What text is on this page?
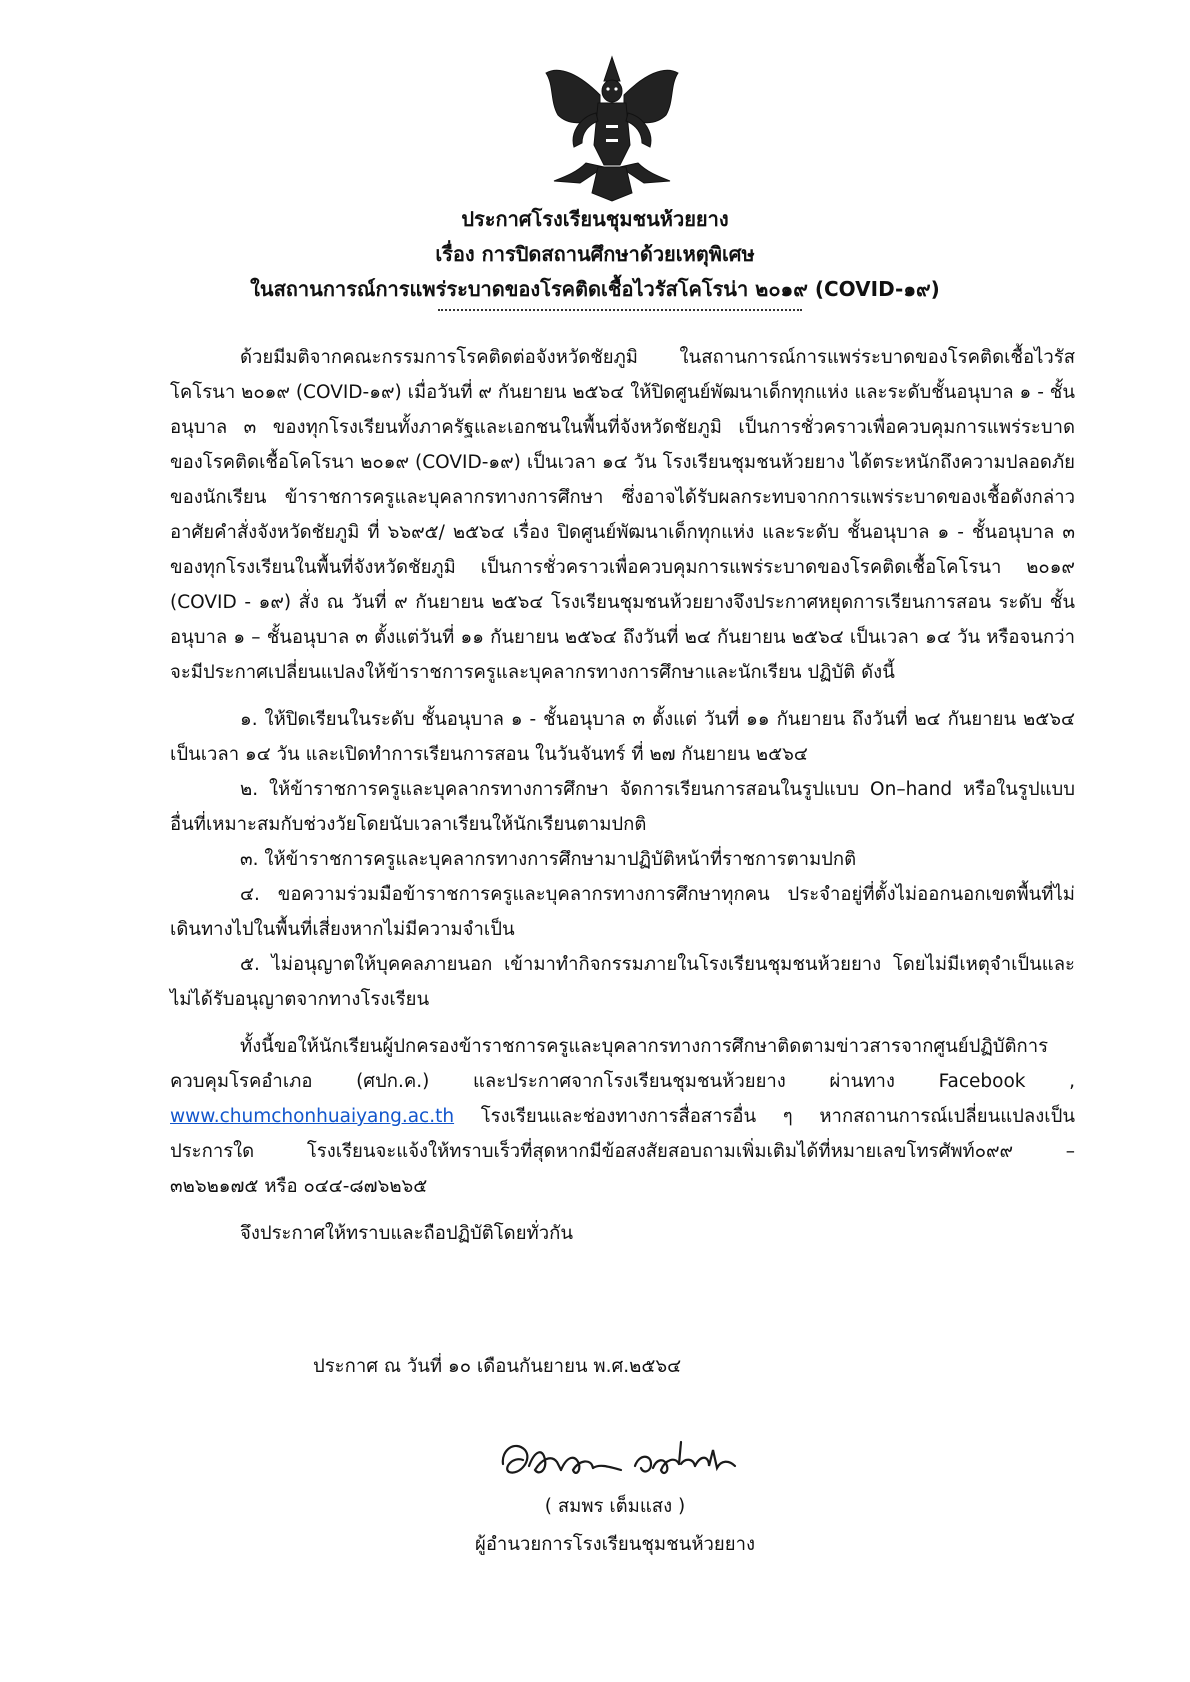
ประกาศโรงเรียนชุมชนห้วยยาง
เรื่อง การปิดสถานศึกษาด้วยเหตุพิเศษ
ในสถานการณ์การแพร่ระบาดของโรคติดเชื้อไวรัสโคโรน่า ๒๐๑๙ (COVID-๑๙)

ด้วยมีมติจากคณะกรรมการโรคติดต่อจังหวัดชัยภูมิ ในสถานการณ์การแพร่ระบาดของโรคติดเชื้อไวรัสโคโรนา ๒๐๑๙ (COVID-๑๙) เมื่อวันที่ ๙ กันยายน ๒๕๖๔ ให้ปิดศูนย์พัฒนาเด็กทุกแห่ง และระดับชั้นอนุบาล ๑ - ชั้นอนุบาล ๓ ของทุกโรงเรียนทั้งภาครัฐและเอกชนในพื้นที่จังหวัดชัยภูมิ เป็นการชั่วคราวเพื่อควบคุมการแพร่ระบาดของโรคติดเชื้อโคโรนา ๒๐๑๙ (COVID-๑๙) เป็นเวลา ๑๔ วัน โรงเรียนชุมชนห้วยยาง ได้ตระหนักถึงความปลอดภัยของนักเรียน ข้าราชการครูและบุคลากรทางการศึกษา ซึ่งอาจได้รับผลกระทบจากการแพร่ระบาดของเชื้อดังกล่าว อาศัยคำสั่งจังหวัดชัยภูมิ ที่ ๖๖๙๕/ ๒๕๖๔ เรื่อง ปิดศูนย์พัฒนาเด็กทุกแห่ง และระดับ ชั้นอนุบาล ๑ - ชั้นอนุบาล ๓ ของทุกโรงเรียนในพื้นที่จังหวัดชัยภูมิ เป็นการชั่วคราวเพื่อควบคุมการแพร่ระบาดของโรคติดเชื้อโคโรนา ๒๐๑๙ (COVID - ๑๙) สั่ง ณ วันที่ ๙ กันยายน ๒๕๖๔ โรงเรียนชุมชนห้วยยางจึงประกาศหยุดการเรียนการสอน ระดับ ชั้นอนุบาล ๑ – ชั้นอนุบาล ๓ ตั้งแต่วันที่ ๑๑ กันยายน ๒๕๖๔ ถึงวันที่ ๒๔ กันยายน ๒๕๖๔ เป็นเวลา ๑๔ วัน หรือจนกว่าจะมีประกาศเปลี่ยนแปลงให้ข้าราชการครูและบุคลากรทางการศึกษาและนักเรียน ปฏิบัติ ดังนี้

๑. ให้ปิดเรียนในระดับ ชั้นอนุบาล ๑ - ชั้นอนุบาล ๓ ตั้งแต่ วันที่ ๑๑ กันยายน ถึงวันที่ ๒๔ กันยายน ๒๕๖๔ เป็นเวลา ๑๔ วัน และเปิดทำการเรียนการสอน ในวันจันทร์ ที่ ๒๗ กันยายน ๒๕๖๔

๒. ให้ข้าราชการครูและบุคลากรทางการศึกษา จัดการเรียนการสอนในรูปแบบ On–hand หรือในรูปแบบอื่นที่เหมาะสมกับช่วงวัยโดยนับเวลาเรียนให้นักเรียนตามปกติ

๓. ให้ข้าราชการครูและบุคลากรทางการศึกษามาปฏิบัติหน้าที่ราชการตามปกติ

๔. ขอความร่วมมือข้าราชการครูและบุคลากรทางการศึกษาทุกคน ประจำอยู่ที่ตั้งไม่ออกนอกเขตพื้นที่ไม่เดินทางไปในพื้นที่เสี่ยงหากไม่มีความจำเป็น

๕. ไม่อนุญาตให้บุคคลภายนอก เข้ามาทำกิจกรรมภายในโรงเรียนชุมชนห้วยยาง โดยไม่มีเหตุจำเป็นและไม่ได้รับอนุญาตจากทางโรงเรียน

ทั้งนี้ขอให้นักเรียนผู้ปกครองข้าราชการครูและบุคลากรทางการศึกษาติดตามข่าวสารจากศูนย์ปฏิบัติการควบคุมโรคอำเภอ (ศปก.ค.) และประกาศจากโรงเรียนชุมชนห้วยยาง ผ่านทาง Facebook , www.chumchonhuaiyang.ac.th โรงเรียนและช่องทางการสื่อสารอื่น ๆ หากสถานการณ์เปลี่ยนแปลงเป็นประการใด โรงเรียนจะแจ้งให้ทราบเร็วที่สุดหากมีข้อสงสัยสอบถามเพิ่มเติมได้ที่หมายเลขโทรศัพท์๐๙๙ – ๓๒๖๒๑๗๕ หรือ ๐๔๔-๘๗๖๒๖๕

จึงประกาศให้ทราบและถือปฏิบัติโดยทั่วกัน

ประกาศ ณ วันที่ ๑๐ เดือนกันยายน พ.ศ.๒๕๖๔
( สมพร เต็มแสง )
ผู้อำนวยการโรงเรียนชุมชนห้วยยาง
